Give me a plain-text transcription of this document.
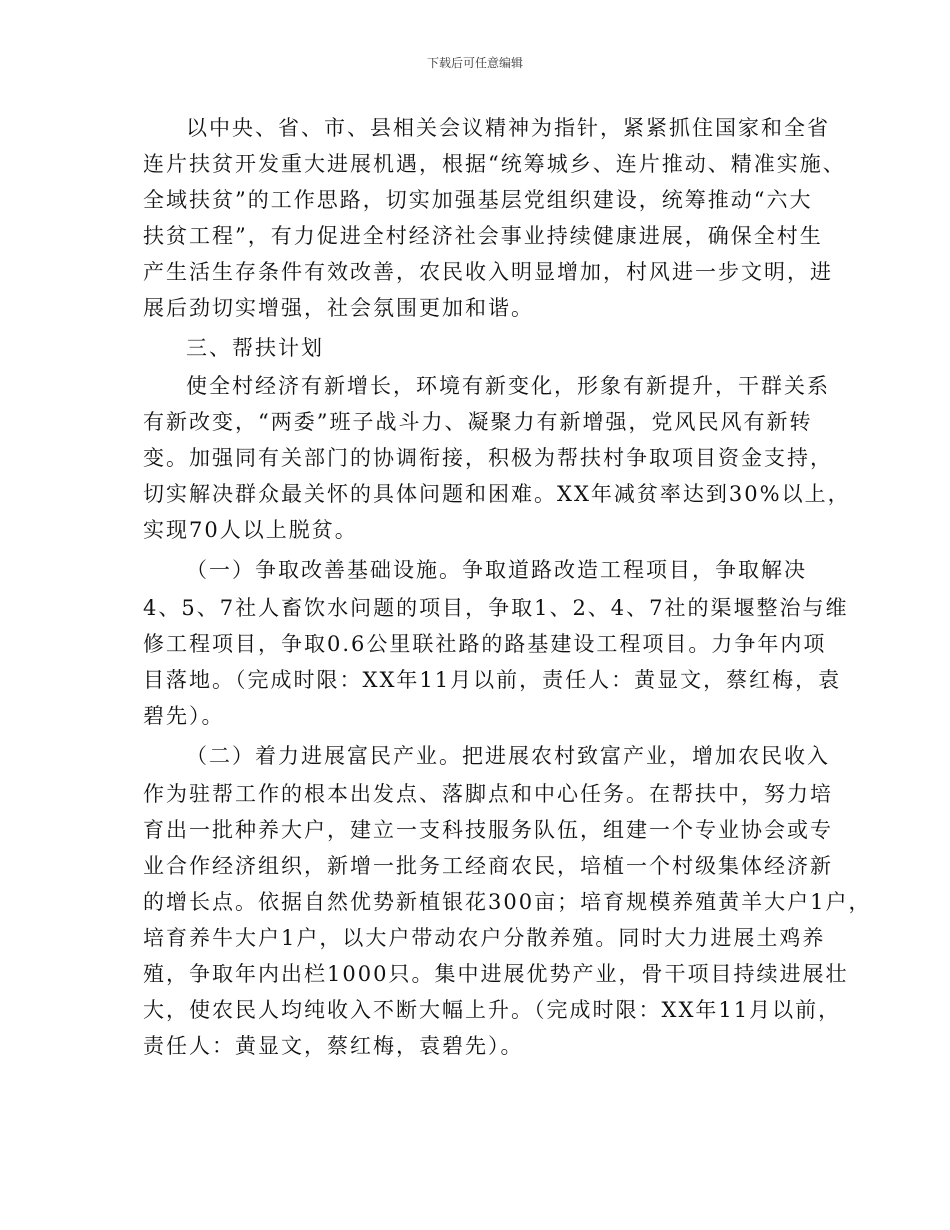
下载后可任意编辑
以中央、省、市、县相关会议精神为指针，紧紧抓住国家和全省
连片扶贫开发重大进展机遇，根据“统筹城乡、连片推动、精准实施、
全域扶贫”的工作思路，切实加强基层党组织建设，统筹推动“六大
扶贫工程”，有力促进全村经济社会事业持续健康进展，确保全村生
产生活生存条件有效改善，农民收入明显增加，村风进一步文明，进
展后劲切实增强，社会氛围更加和谐。
三、帮扶计划
使全村经济有新增长，环境有新变化，形象有新提升，干群关系
有新改变，“两委”班子战斗力、凝聚力有新增强，党风民风有新转
变。加强同有关部门的协调衔接，积极为帮扶村争取项目资金支持，
切实解决群众最关怀的具体问题和困难。XX年减贫率达到30%以上，
实现70人以上脱贫。
（一）争取改善基础设施。争取道路改造工程项目，争取解决
4、5、7社人畜饮水问题的项目，争取1、2、4、7社的渠堰整治与维
修工程项目，争取0.6公里联社路的路基建设工程项目。力争年内项
目落地。（完成时限：XX年11月以前，责任人：黄显文，蔡红梅，袁
碧先）。
（二）着力进展富民产业。把进展农村致富产业，增加农民收入
作为驻帮工作的根本出发点、落脚点和中心任务。在帮扶中，努力培
育出一批种养大户，建立一支科技服务队伍，组建一个专业协会或专
业合作经济组织，新增一批务工经商农民，培植一个村级集体经济新
的增长点。依据自然优势新植银花300亩；培育规模养殖黄羊大户1户，
培育养牛大户1户，以大户带动农户分散养殖。同时大力进展土鸡养
殖，争取年内出栏1000只。集中进展优势产业，骨干项目持续进展壮
大，使农民人均纯收入不断大幅上升。（完成时限：XX年11月以前，
责任人：黄显文，蔡红梅，袁碧先）。
